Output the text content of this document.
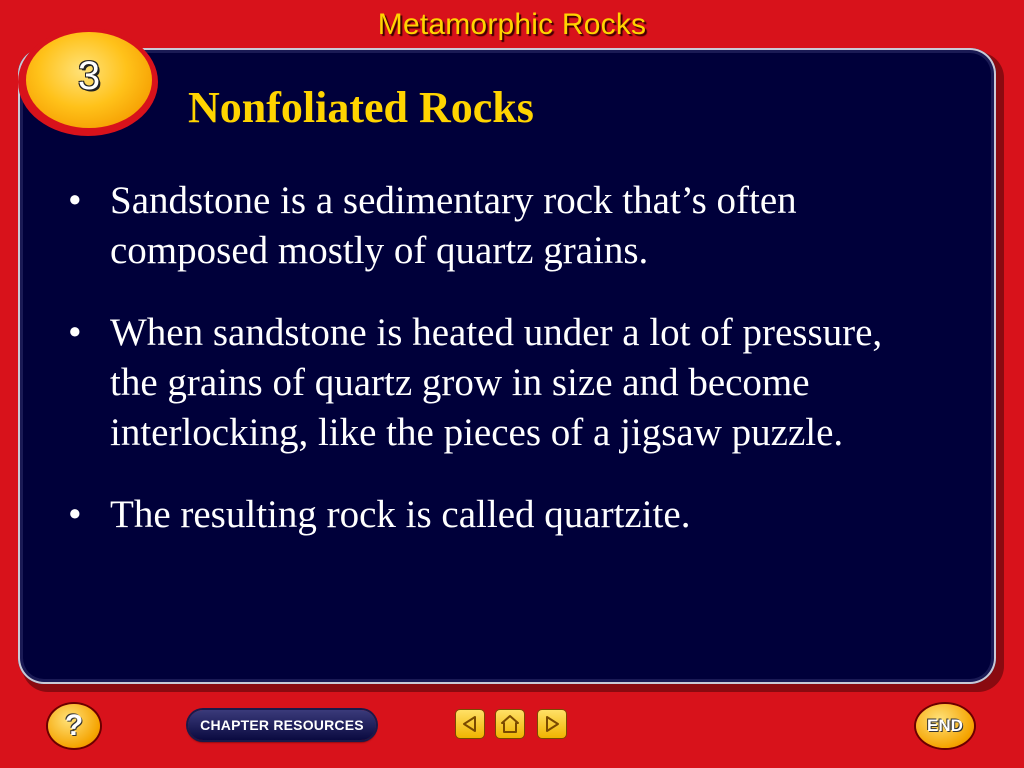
Metamorphic Rocks
3
Nonfoliated Rocks
• Sandstone is a sedimentary rock that’s often composed mostly of quartz grains.
• When sandstone is heated under a lot of pressure, the grains of quartz grow in size and become interlocking, like the pieces of a jigsaw puzzle.
• The resulting rock is called quartzite.
?	CHAPTER RESOURCES	END
